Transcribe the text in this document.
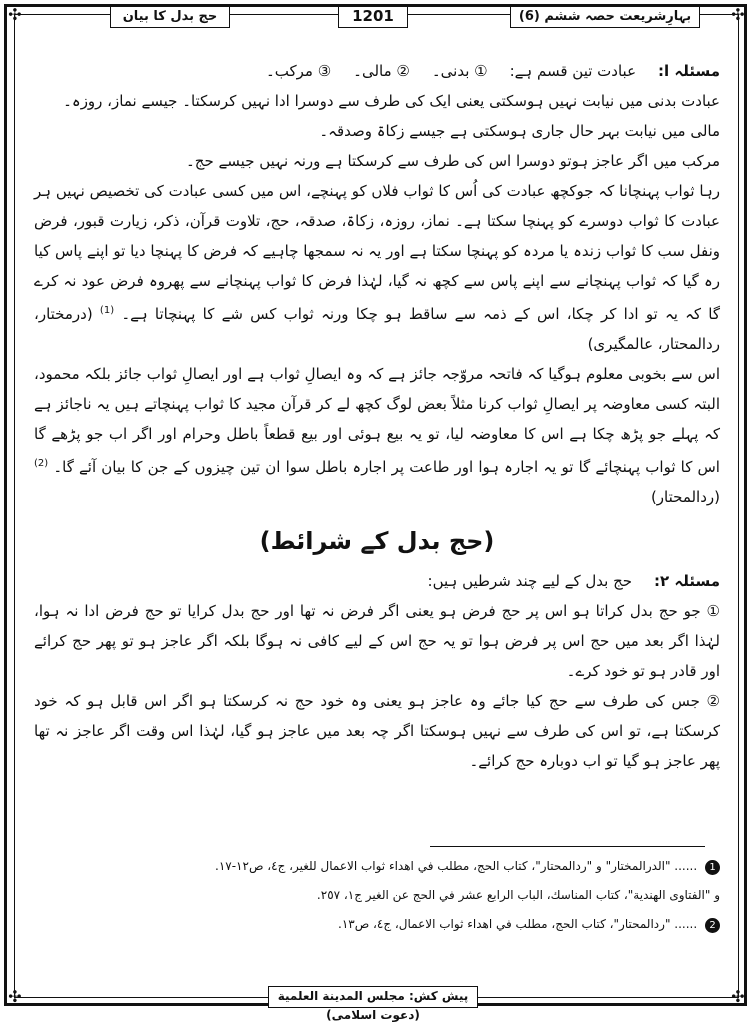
✣	✣
✣	✣
بہارِشریعت حصہ ششم (6)
1201
حج بدل کا بیان
مسئلہ ا:
عبادت تین قسم ہے:
① بدنی۔
② مالی۔
③ مرکب۔

عبادت بدنی میں نیابت نہیں ہوسکتی یعنی ایک کی طرف سے دوسرا ادا نہیں کرسکتا۔ جیسے نماز، روزہ۔

مالی میں نیابت بہر حال جاری ہوسکتی ہے جیسے زکاۃ وصدقہ۔

مرکب میں اگر عاجز ہوتو دوسرا اس کی طرف سے کرسکتا ہے ورنہ نہیں جیسے حج۔

رہا ثواب پہنچانا کہ جوکچھ عبادت کی اُس کا ثواب فلاں کو پہنچے، اس میں کسی عبادت کی تخصیص نہیں ہر عبادت کا ثواب دوسرے کو پہنچا سکتا ہے۔ نماز، روزہ، زکاۃ، صدقہ، حج، تلاوت قرآن، ذکر، زیارت قبور، فرض ونفل سب کا ثواب زندہ یا مردہ کو پہنچا سکتا ہے اور یہ نہ سمجھا چاہیے کہ فرض کا پہنچا دیا تو اپنے پاس کیا رہ گیا کہ ثواب پہنچانے سے اپنے پاس سے کچھ نہ گیا، لہٰذا فرض کا ثواب پہنچانے سے پھروہ فرض عود نہ کرے گا کہ یہ تو ادا کر چکا، اس کے ذمہ سے ساقط ہو چکا ورنہ ثواب کس شے کا پہنچاتا ہے۔ $^{(1)}$ (درمختار، ردالمحتار، عالمگیری)

اس سے بخوبی معلوم ہوگیا کہ فاتحہ مروّجہ جائز ہے کہ وہ ایصالِ ثواب ہے اور ایصالِ ثواب جائز بلکہ محمود، البتہ کسی معاوضہ پر ایصالِ ثواب کرنا مثلاً بعض لوگ کچھ لے کر قرآن مجید کا ثواب پہنچاتے ہیں یہ ناجائز ہے کہ پہلے جو پڑھ چکا ہے اس کا معاوضہ لیا، تو یہ بیع ہوئی اور بیع قطعاً باطل وحرام اور اگر اب جو پڑھے گا اس کا ثواب پہنچائے گا تو یہ اجارہ ہوا اور طاعت پر اجارہ باطل سوا ان تین چیزوں کے جن کا بیان آئے گا۔ $^{(2)}$ (ردالمحتار)

(حج بدل کے شرائط)
مسئلہ ۲:
حج بدل کے لیے چند شرطیں ہیں:

① جو حج بدل کراتا ہو اس پر حج فرض ہو یعنی اگر فرض نہ تھا اور حج بدل کرایا تو حج فرض ادا نہ ہوا، لہٰذا اگر بعد میں حج اس پر فرض ہوا تو یہ حج اس کے لیے کافی نہ ہوگا بلکہ اگر عاجز ہو تو پھر حج کرائے اور قادر ہو تو خود کرے۔

② جس کی طرف سے حج کیا جائے وہ عاجز ہو یعنی وہ خود حج نہ کرسکتا ہو اگر اس قابل ہو کہ خود کرسکتا ہے، تو اس کی طرف سے نہیں ہوسکتا اگر چہ بعد میں عاجز ہو گیا، لہٰذا اس وقت اگر عاجز نہ تھا پھر عاجز ہو گیا تو اب دوبارہ حج کرائے۔

1 ...... "الدرالمختار" و "ردالمحتار"، كتاب الحج، مطلب في اهداء ثواب الاعمال للغير، ج٤، ص١٢-١٧.
و "الفتاوى الهندية"، كتاب المناسك، الباب الرابع عشر في الحج عن الغير ج١، ٢٥٧.
2 ...... "ردالمحتار"، كتاب الحج، مطلب في اهداء ثواب الاعمال، ج٤، ص١٣.
پیش کش: مجلس المدینة العلمیة (دعوت اسلامی)
